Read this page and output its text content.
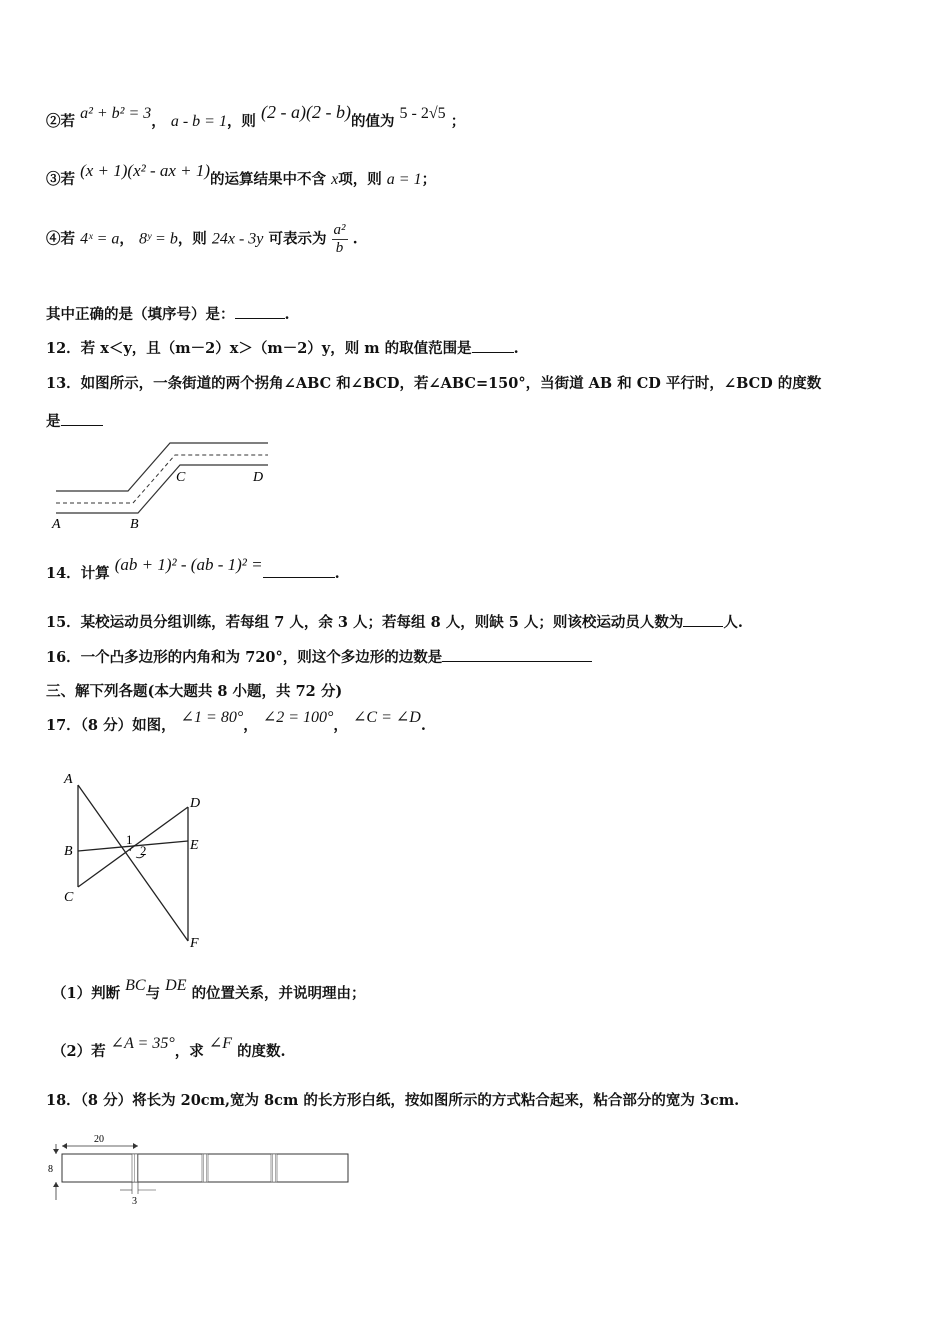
②若 a² + b² = 3， a - b = 1，则 (2 - a)(2 - b)的值为 5 - 2√5 ；
③若 (x + 1)(x² - ax + 1)的运算结果中不含 x项，则 a = 1；
④若 4ˣ = a， 8ʸ = b，则 24x - 3y 可表示为 $\frac{\text{a²}}{b}$ .
其中正确的是（填序号）是：	.
12．若 x＜y，且（m－2）x＞（m－2）y，则 m 的取值范围是	.
13．如图所示，一条街道的两个拐角∠ABC 和∠BCD，若∠ABC=150°，当街道 AB 和 CD 平行时，∠BCD 的度数
是
A	B
C	D
14．计算 (ab + 1)² - (ab - 1)² =	.
15．某校运动员分组训练，若每组 7 人，余 3 人；若每组 8 人，则缺 5 人；则该校运动员人数为	人.
16．一个凸多边形的内角和为 720°，则这个多边形的边数是
三、解下列各题(本大题共 8 小题，共 72 分)
17．（8 分）如图， ∠1 = 80°， ∠2 = 100°， ∠C = ∠D.
A
B
C
D
E
F
1
2
（1）判断 BC与 DE 的位置关系，并说明理由；
（2）若 ∠A = 35°，求 ∠F 的度数.
18．（8 分）将长为 20cm,宽为 8cm 的长方形白纸，按如图所示的方式粘合起来，粘合部分的宽为 3cm.
20
8
3
